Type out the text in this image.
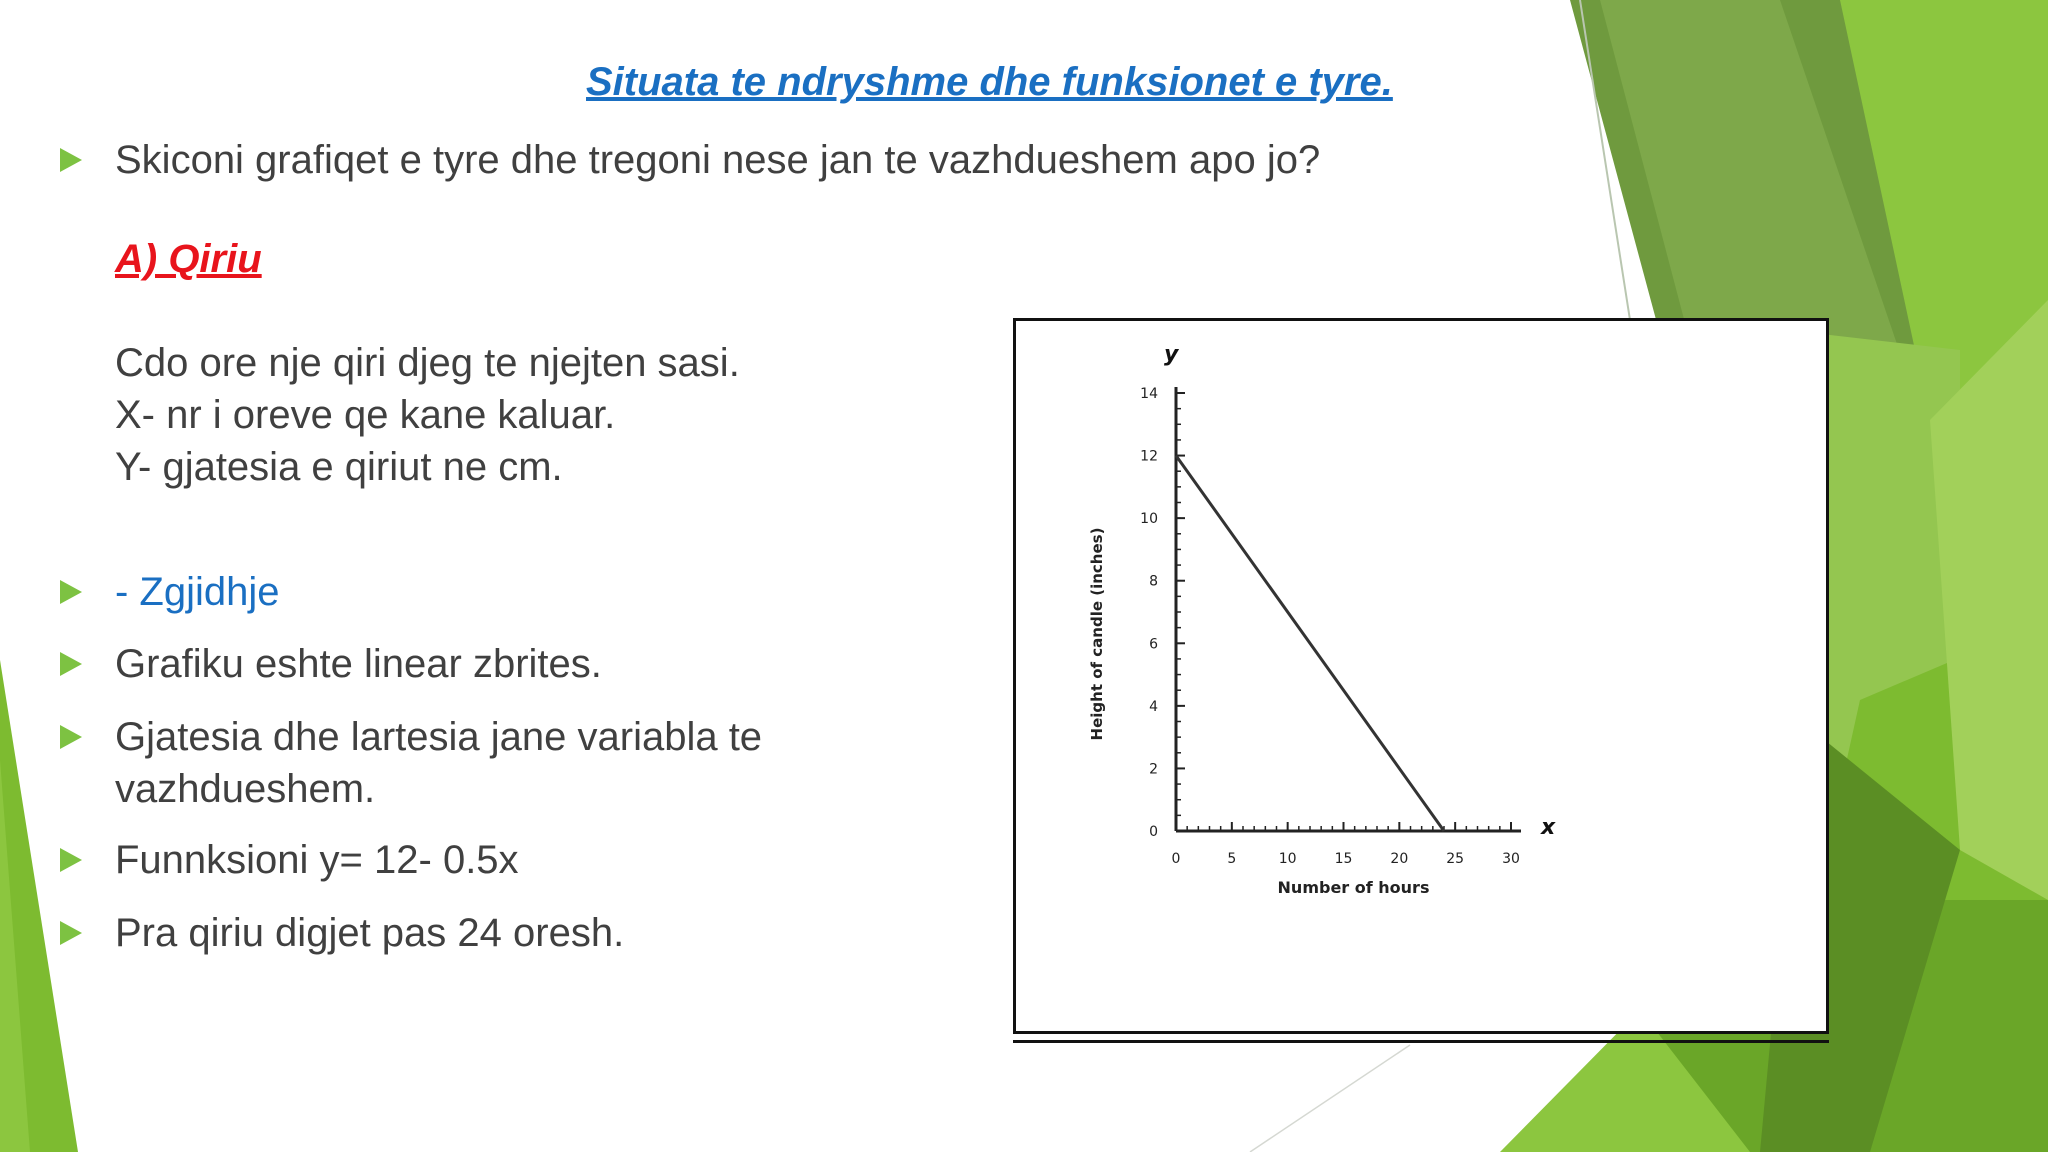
Situata te ndryshme dhe funksionet e tyre.
Skiconi grafiqet e tyre dhe tregoni nese jan te vazhdueshem apo jo?
A) Qiriu
Cdo ore nje qiri djeg te njejten sasi.
X- nr i oreve qe kane kaluar.
Y- gjatesia e qiriut ne cm.
- Zgjidhje
Grafiku eshte linear zbrites.
Gjatesia dhe lartesia jane variabla te
vazhdueshem.
Funnksioni y= 12- 0.5x
Pra qiriu digjet pas 24 oresh.
0	5	10	15	20	25	30
0
2
4
6
8
10
12
14
y
x
Number of hours
Height of candle (inches)
